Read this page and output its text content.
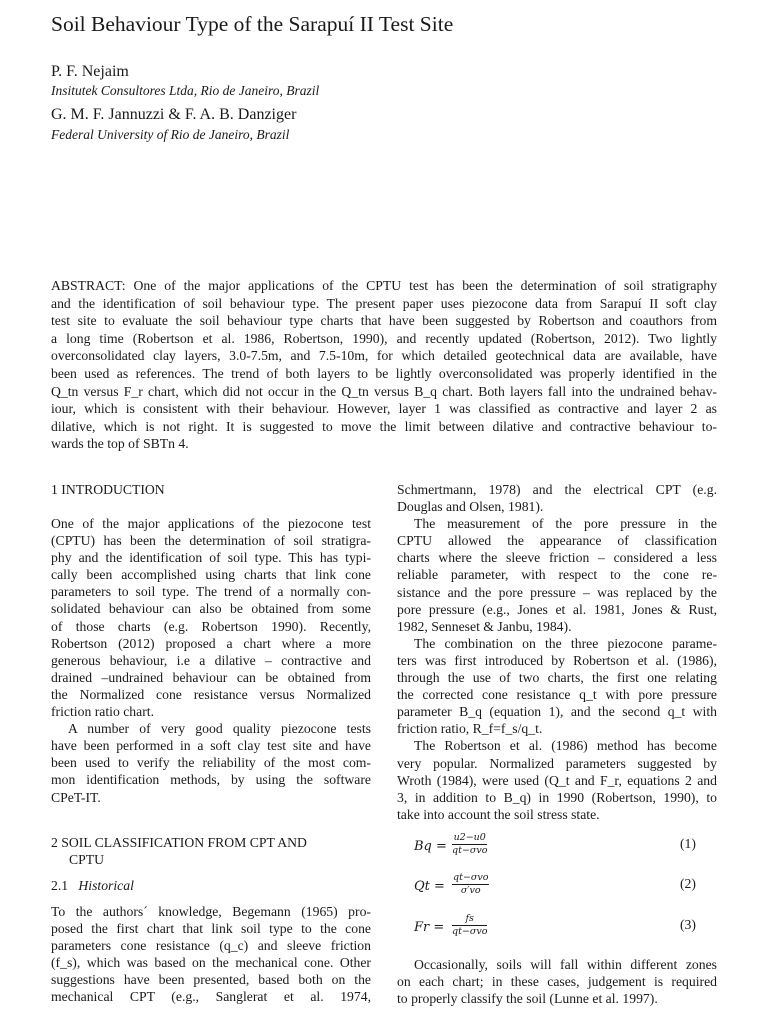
Soil Behaviour Type of the Sarapuí II Test Site
P. F. Nejaim
Insitutek Consultores Ltda, Rio de Janeiro, Brazil
G. M. F. Jannuzzi & F. A. B. Danziger
Federal University of Rio de Janeiro, Brazil
ABSTRACT: One of the major applications of the CPTU test has been the determination of soil stratigraphy
and the identification of soil behaviour type. The present paper uses piezocone data from Sarapuí II soft clay
test site to evaluate the soil behaviour type charts that have been suggested by Robertson and coauthors from
a long time (Robertson et al. 1986, Robertson, 1990), and recently updated (Robertson, 2012). Two lightly
overconsolidated clay layers, 3.0-7.5m, and 7.5-10m, for which detailed geotechnical data are available, have
been used as references. The trend of both layers to be lightly overconsolidated was properly identified in the
Q_tn versus F_r chart, which did not occur in the Q_tn versus B_q chart. Both layers fall into the undrained behav-
iour, which is consistent with their behaviour. However, layer 1 was classified as contractive and layer 2 as
dilative, which is not right. It is suggested to move the limit between dilative and contractive behaviour to-
wards the top of SBTn 4.
1 INTRODUCTION
One of the major applications of the piezocone test
(CPTU) has been the determination of soil stratigra-
phy and the identification of soil type. This has typi-
cally been accomplished using charts that link cone
parameters to soil type. The trend of a normally con-
solidated behaviour can also be obtained from some
of those charts (e.g. Robertson 1990). Recently,
Robertson (2012) proposed a chart where a more
generous behaviour, i.e a dilative – contractive and
drained –undrained behaviour can be obtained from
the Normalized cone resistance versus Normalized
friction ratio chart.
A number of very good quality piezocone tests
have been performed in a soft clay test site and have
been used to verify the reliability of the most com-
mon identification methods, by using the software
CPeT-IT.
2 SOIL CLASSIFICATION FROM CPT AND
CPTU
2.1 Historical
To the authors´ knowledge, Begemann (1965) pro-
posed the first chart that link soil type to the cone
parameters cone resistance (q_c) and sleeve friction
(f_s), which was based on the mechanical cone. Other
suggestions have been presented, based both on the
mechanical CPT (e.g., Sanglerat et al. 1974,
Schmertmann, 1978) and the electrical CPT (e.g.
Douglas and Olsen, 1981).
The measurement of the pore pressure in the
CPTU allowed the appearance of classification
charts where the sleeve friction – considered a less
reliable parameter, with respect to the cone re-
sistance and the pore pressure – was replaced by the
pore pressure (e.g., Jones et al. 1981, Jones & Rust,
1982, Senneset & Janbu, 1984).
The combination on the three piezocone parame-
ters was first introduced by Robertson et al. (1986),
through the use of two charts, the first one relating
the corrected cone resistance q_t with pore pressure
parameter B_q (equation 1), and the second q_t with
friction ratio, R_f=f_s/q_t.
The Robertson et al. (1986) method has become
very popular. Normalized parameters suggested by
Wroth (1984), were used (Q_t and F_r, equations 2 and
3, in addition to B_q) in 1990 (Robertson, 1990), to
take into account the soil stress state.
Bq =
u2−u0
qt−σvo	(1)
Qt =
qt−σvo
σ′vo	(2)
Fr =
fs
qt−σvo	(3)
Occasionally, soils will fall within different zones
on each chart; in these cases, judgement is required
to properly classify the soil (Lunne et al. 1997).
